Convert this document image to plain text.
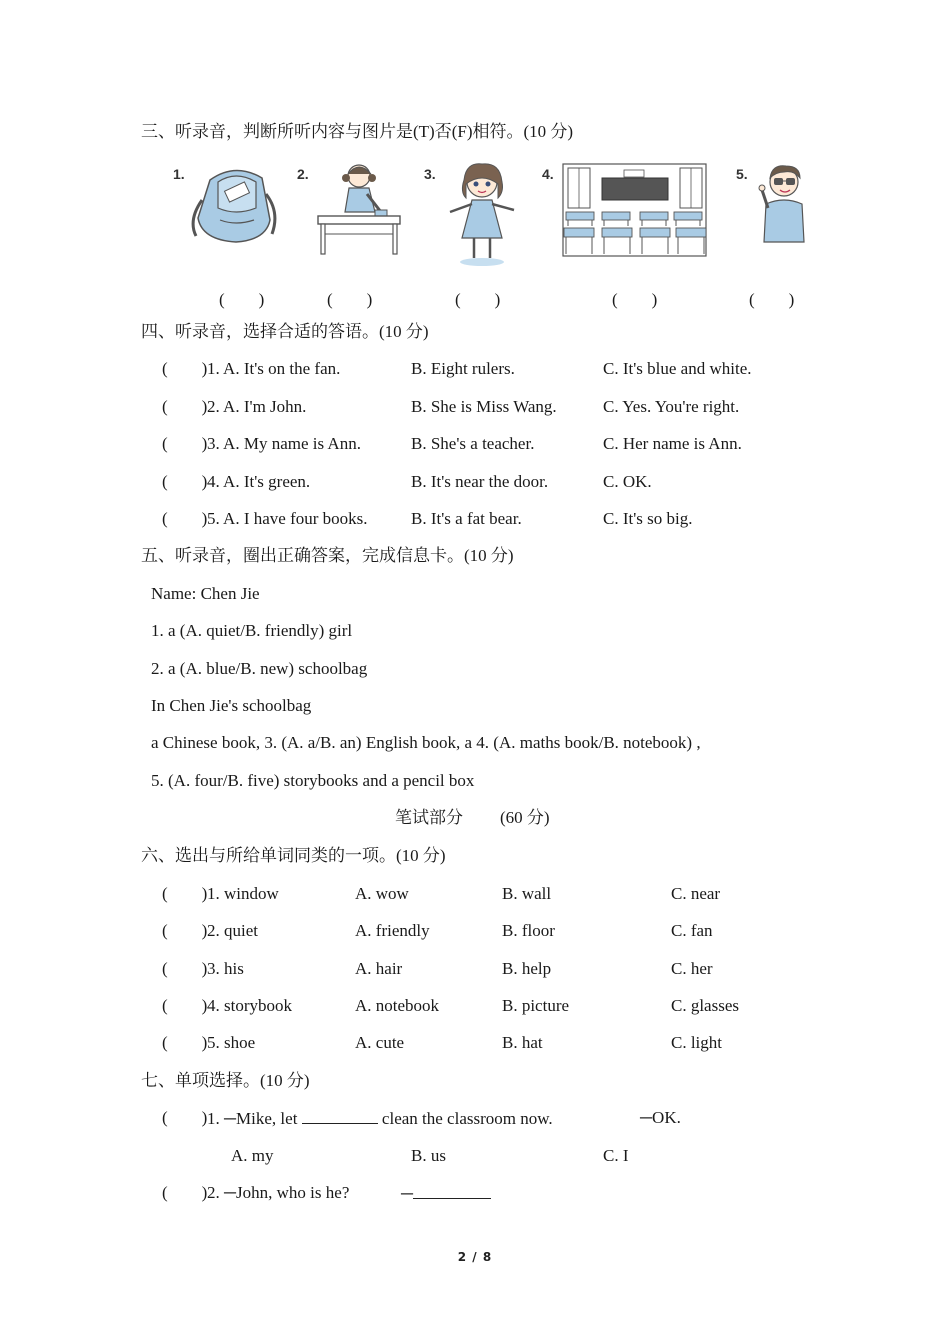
三、听录音，判断所听内容与图片是(T)否(F)相符。(10 分)
1.	2.	3.	4.	5.
(　　)	(　　)	(　　)	(　　)	(　　)
四、听录音，选择合适的答语。(10 分)
(　　) 1. A. It's on the fan.	B. Eight rulers.	C. It's blue and white.
(　　) 2. A. I'm John.	B. She is Miss Wang.	C. Yes. You're right.
(　　) 3. A. My name is Ann.	B. She's a teacher.	C. Her name is Ann.
(　　) 4. A. It's green.	B. It's near the door.	C. OK.
(　　) 5. A. I have four books.	B. It's a fat bear.	C. It's so big.
五、听录音，圈出正确答案，完成信息卡。(10 分)
Name: Chen Jie
1. a (A. quiet/B. friendly) girl
2. a (A. blue/B. new) schoolbag
In Chen Jie's schoolbag
a Chinese book, 3. (A. a/B. an) English book, a 4. (A. maths book/B. notebook) ,
5. (A. four/B. five) storybooks and a pencil box
笔试部分 (60 分)
六、选出与所给单词同类的一项。(10 分)
(　　) 1. window	A. wow	B. wall	C. near
(　　) 2. quiet	A. friendly	B. floor	C. fan
(　　) 3. his	A. hair	B. help	C. her
(　　) 4. storybook	A. notebook	B. picture	C. glasses
(　　) 5. shoe	A. cute	B. hat	C. light
七、单项选择。(10 分)
(　　) 1. ─Mike, let	clean the classroom now.	─OK.
A. my	B. us	C. I
(　　) 2. ─John, who is he?	─
2 / 8
